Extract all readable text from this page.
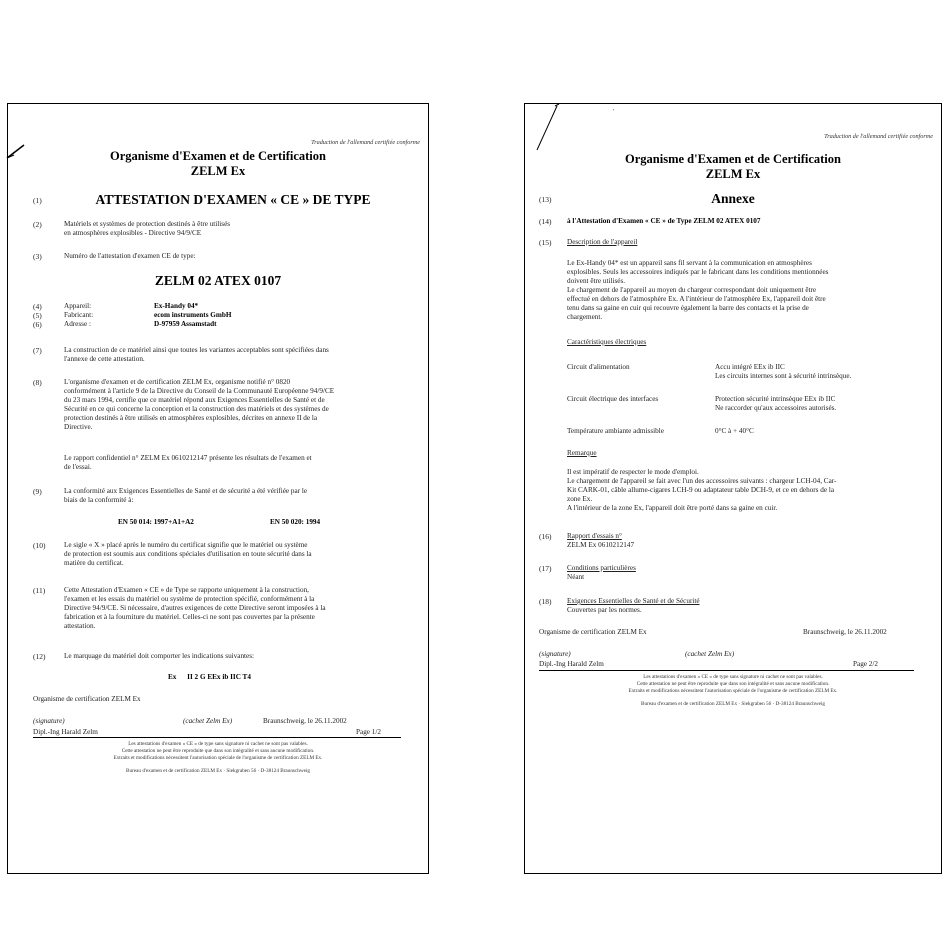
Traduction de l'allemand certifiée conforme
Organisme d'Examen et de Certification
ZELM Ex
(1)	ATTESTATION D'EXAMEN « CE » DE TYPE
(2)	Matériels et systèmes de protection destinés à être utilisés
en atmosphères explosibles - Directive 94/9/CE
(3)	Numéro de l'attestation d'examen CE de type:
ZELM 02 ATEX 0107
(4)	Appareil:	Ex-Handy 04*
(5)	Fabricant:	ecom instruments GmbH
(6)	Adresse :	D-97959 Assamstadt
(7)	La construction de ce matériel ainsi que toutes les variantes acceptables sont spécifiées dans
l'annexe de cette attestation.
(8)	L'organisme d'examen et de certification ZELM Ex, organisme notifié n° 0820
conformément à l'article 9 de la Directive du Conseil de la Communauté Européenne 94/9/CE
du 23 mars 1994, certifie que ce matériel répond aux Exigences Essentielles de Santé et de
Sécurité en ce qui concerne la conception et la construction des matériels et des systèmes de
protection destinés à être utilisés en atmosphères explosibles, décrites en annexe II de la
Directive.
Le rapport confidentiel n° ZELM Ex 0610212147 présente les résultats de l'examen et
de l'essai.
(9)	La conformité aux Exigences Essentielles de Santé et de sécurité a été vérifiée par le
biais de la conformité à:
EN 50 014: 1997+A1+A2	EN 50 020: 1994
(10)	Le sigle « X » placé après le numéro du certificat signifie que le matériel ou système
de protection est soumis aux conditions spéciales d'utilisation en toute sécurité dans la
matière du certificat.
(11)	Cette Attestation d'Examen « CE » de Type se rapporte uniquement à la construction,
l'examen et les essais du matériel ou système de protection spécifié, conformément à la
Directive 94/9/CE. Si nécessaire, d'autres exigences de cette Directive seront imposées à la
fabrication et à la fourniture du matériel. Celles-ci ne sont pas couvertes par la présente
attestation.
(12)	Le marquage du matériel doit comporter les indications suivantes:
Ex      II 2 G EEx ib IIC T4
Organisme de certification ZELM Ex
(signature)	(cachet Zelm Ex)	Braunschweig, le 26.11.2002
Dipl.-Ing Harald Zelm	Page 1/2
Les attestations d'examen « CE » de type sans signature ni cachet ne sont pas valables.
Cette attestation ne peut être reproduite que dans son intégralité et sans aucune modification.
Extraits et modifications nécessitent l'autorisation spéciale de l'organisme de certification ZELM Ex.
Bureau d'examen et de certification ZELM Ex · Siekgraben 56 · D-38124 Braunschweig
'
Traduction de l'allemand certifiée conforme
Organisme d'Examen et de Certification
ZELM Ex
(13)	Annexe
(14) à l'Attestation d'Examen « CE » de Type ZELM 02 ATEX 0107
(15) Description de l'appareil
Le Ex-Handy 04* est un appareil sans fil servant à la communication en atmosphères
explosibles. Seuls les accessoires indiqués par le fabricant dans les conditions mentionnées
doivent être utilisés.
Le chargement de l'appareil au moyen du chargeur correspondant doit uniquement être
effectué en dehors de l'atmosphère Ex. A l'intérieur de l'atmosphère Ex, l'appareil doit être
tenu dans sa gaine en cuir qui recouvre également la barre des contacts et la prise de
chargement.
Caractéristiques électriques
Circuit d'alimentation	Accu intégré EEx ib IIC
Les circuits internes sont à sécurité intrinsèque.
Circuit électrique des interfaces	Protection sécurité intrinsèque EEx ib IIC
Ne raccorder qu'aux accessoires autorisés.
Température ambiante admissible	0°C à + 40°C
Remarque
Il est impératif de respecter le mode d'emploi.
Le chargement de l'appareil se fait avec l'un des accessoires suivants : chargeur LCH-04, Car-
Kit CARK-01, câble allume-cigares LCH-9 ou adaptateur table DCH-9, et ce en dehors de la
zone Ex.
A l'intérieur de la zone Ex, l'appareil doit être porté dans sa gaine en cuir.
(16) Rapport d'essais n°
ZELM Ex 0610212147
(17) Conditions particulières
Néant
(18) Exigences Essentielles de Santé et de Sécurité
Couvertes par les normes.
Organisme de certification ZELM Ex	Braunschweig, le 26.11.2002
(signature)	(cachet Zelm Ex)
Dipl.-Ing Harald Zelm	Page 2/2
Les attestations d'examen « CE » de type sans signature ni cachet ne sont pas valables.
Cette attestation ne peut être reproduite que dans son intégralité et sans aucune modification.
Extraits et modifications nécessitent l'autorisation spéciale de l'organisme de certification ZELM Ex.
Bureau d'examen et de certification ZELM Ex · Siekgraben 56 · D-38124 Braunschweig
